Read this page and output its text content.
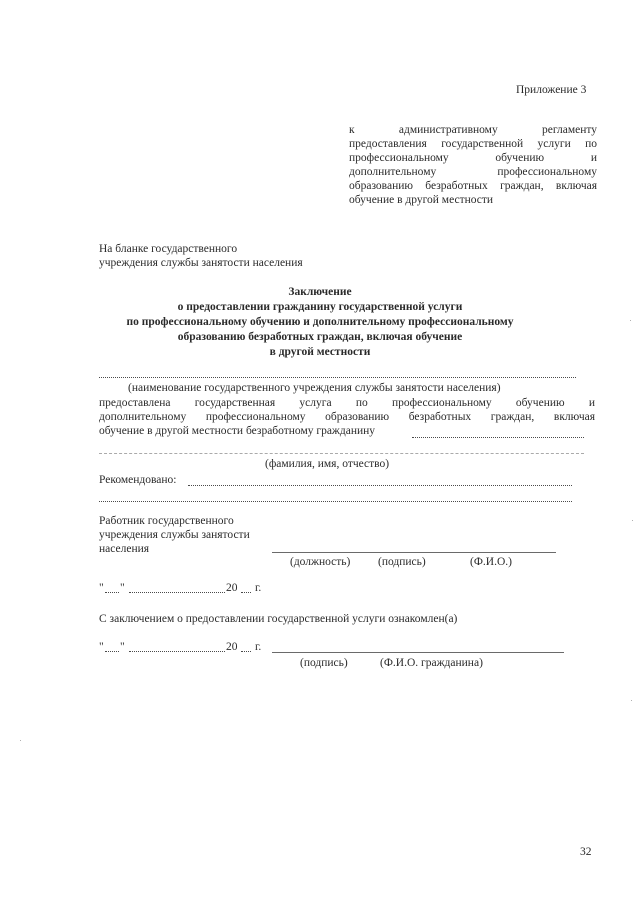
Приложение 3
к административному регламенту
предоставления государственной услуги по
профессиональному обучению и
дополнительному профессиональному
образованию безработных граждан, включая
обучение в другой местности
На бланке государственного
учреждения службы занятости населения
Заключение
о предоставлении гражданину государственной услуги
по профессиональному обучению и дополнительному профессиональному
образованию безработных граждан, включая обучение
в другой местности
(наименование государственного учреждения службы занятости населения)
предоставлена государственная услуга по профессиональному обучению и
дополнительному профессиональному образованию безработных граждан, включая
обучение в другой местности безработному гражданину
(фамилия, имя, отчество)
Рекомендовано:
Работник государственного
учреждения службы занятости
населения
(должность) (подпись)	(Ф.И.О.)
" "	20 г.
С заключением о предоставлении государственной услуги ознакомлен(а)
" "	20 г.
(подпись)	(Ф.И.О. гражданина)
32
